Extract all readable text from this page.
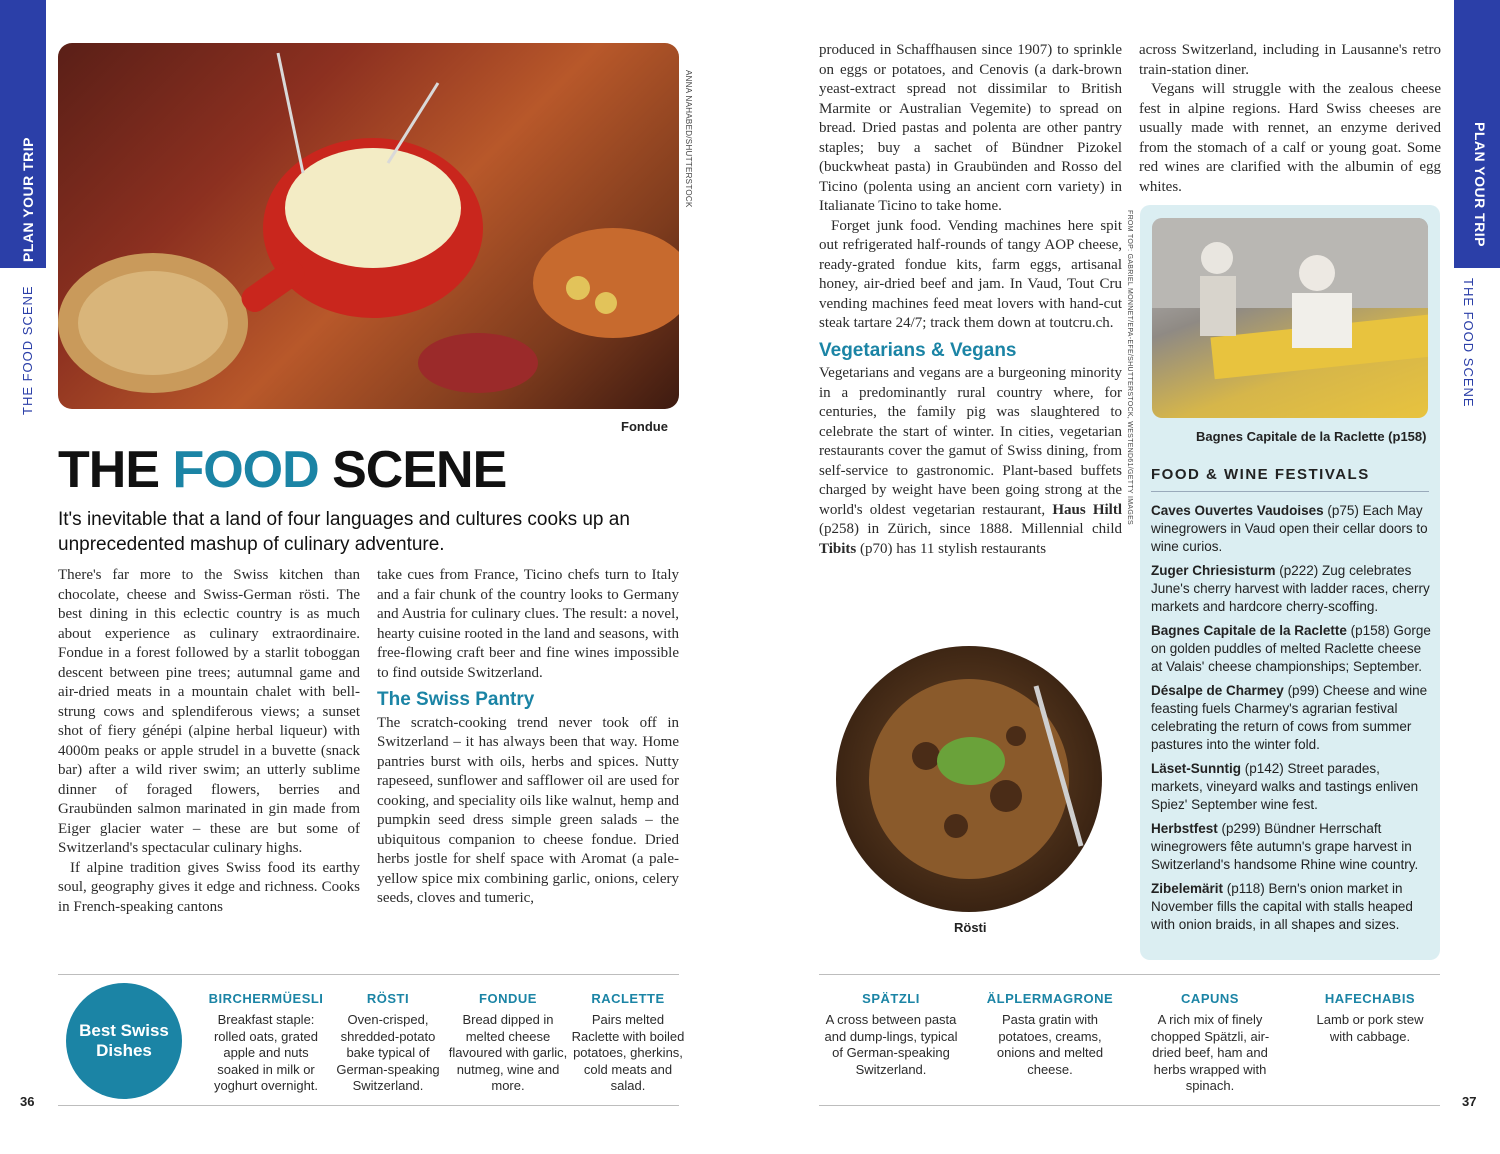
PLAN YOUR TRIP
THE FOOD SCENE
PLAN YOUR TRIP
THE FOOD SCENE
ANNA NAHABED/SHUTTERSTOCK
Fondue
THE FOOD SCENE
It's inevitable that a land of four languages and cultures cooks up an unprecedented mashup of culinary adventure.

There's far more to the Swiss kitchen than chocolate, cheese and Swiss-German rösti. The best dining in this eclectic country is as much about experience as culinary extraordinaire. Fondue in a forest followed by a starlit toboggan descent between pine trees; autumnal game and air-dried meats in a mountain chalet with bell-strung cows and splendiferous views; a sunset shot of fiery génépi (alpine herbal liqueur) with 4000m peaks or apple strudel in a buvette (snack bar) after a wild river swim; an utterly sublime dinner of foraged flowers, berries and Graubünden salmon marinated in gin made from Eiger glacier water – these are but some of Switzerland's spectacular culinary highs.

If alpine tradition gives Swiss food its earthy soul, geography gives it edge and richness. Cooks in French-speaking cantons

take cues from France, Ticino chefs turn to Italy and a fair chunk of the country looks to Germany and Austria for culinary clues. The result: a novel, hearty cuisine rooted in the land and seasons, with free-flowing craft beer and fine wines impossible to find outside Switzerland.

The Swiss Pantry

The scratch-cooking trend never took off in Switzerland – it has always been that way. Home pantries burst with oils, herbs and spices. Nutty rapeseed, sunflower and safflower oil are used for cooking, and speciality oils like walnut, hemp and pumpkin seed dress simple green salads – the ubiquitous companion to cheese fondue. Dried herbs jostle for shelf space with Aromat (a pale-yellow spice mix combining garlic, onions, celery seeds, cloves and tumeric,

produced in Schaffhausen since 1907) to sprinkle on eggs or potatoes, and Cenovis (a dark-brown yeast-extract spread not dissimilar to British Marmite or Australian Vegemite) to spread on bread. Dried pastas and polenta are other pantry staples; buy a sachet of Bündner Pizokel (buckwheat pasta) in Graubünden and Rosso del Ticino (polenta using an ancient corn variety) in Italianate Ticino to take home.

Forget junk food. Vending machines here spit out refrigerated half-rounds of tangy AOP cheese, ready-grated fondue kits, farm eggs, artisanal honey, air-dried beef and jam. In Vaud, Tout Cru vending machines feed meat lovers with hand-cut steak tartare 24/7; track them down at toutcru.ch.

Vegetarians & Vegans

Vegetarians and vegans are a burgeoning minority in a predominantly rural country where, for centuries, the family pig was slaughtered to celebrate the start of winter. In cities, vegetarian restaurants cover the gamut of Swiss dining, from self-service to gastronomic. Plant-based buffets charged by weight have been going strong at the world's oldest vegetarian restaurant, Haus Hiltl (p258) in Zürich, since 1888. Millennial child Tibits (p70) has 11 stylish restaurants

across Switzerland, including in Lausanne's retro train-station diner.

Vegans will struggle with the zealous cheese fest in alpine regions. Hard Swiss cheeses are usually made with rennet, an enzyme derived from the stomach of a calf or young goat. Some red wines are clarified with the albumin of egg whites.

FROM TOP: GABRIEL MONNET/EPA-EFE/SHUTTERSTOCK, WESTEND61/GETTY IMAGES
Rösti
Bagnes Capitale de la Raclette (p158)
FOOD & WINE FESTIVALS
Caves Ouvertes Vaudoises (p75) Each May winegrowers in Vaud open their cellar doors to wine curios.
Zuger Chriesisturm (p222) Zug celebrates June's cherry harvest with ladder races, cherry markets and hardcore cherry-scoffing.
Bagnes Capitale de la Raclette (p158) Gorge on golden puddles of melted Raclette cheese at Valais' cheese championships; September.
Désalpe de Charmey (p99) Cheese and wine feasting fuels Charmey's agrarian festival celebrating the return of cows from summer pastures into the winter fold.
Läset-Sunntig (p142) Street parades, markets, vineyard walks and tastings enliven Spiez' September wine fest.
Herbstfest (p299) Bündner Herrschaft winegrowers fête autumn's grape harvest in Switzerland's handsome Rhine wine country.
Zibelemärit (p118) Bern's onion market in November fills the capital with stalls heaped with onion braids, in all shapes and sizes.
Best Swiss Dishes
BIRCHERMÜESLI
Breakfast staple: rolled oats, grated apple and nuts soaked in milk or yoghurt overnight.
RÖSTI
Oven-crisped, shredded-potato bake typical of German-speaking Switzerland.
FONDUE
Bread dipped in melted cheese flavoured with garlic, nutmeg, wine and more.
RACLETTE
Pairs melted Raclette with boiled potatoes, gherkins, cold meats and salad.
SPÄTZLI
A cross between pasta and dump-lings, typical of German-speaking Switzerland.
ÄLPLERMAGRONE
Pasta gratin with potatoes, creams, onions and melted cheese.
CAPUNS
A rich mix of finely chopped Spätzli, air-dried beef, ham and herbs wrapped with spinach.
HAFECHABIS
Lamb or pork stew with cabbage.
36	37
